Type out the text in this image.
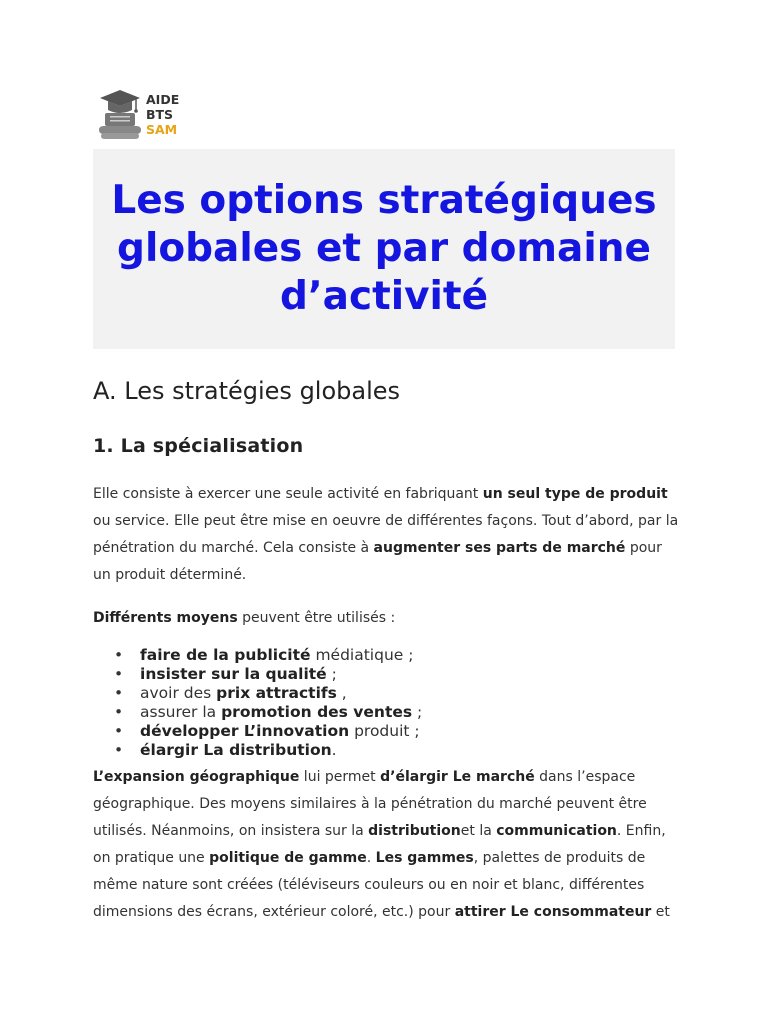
AIDE
BTS
SAM
Les options stratégiques globales et par domaine d’activité
A. Les stratégies globales
1. La spécialisation

Elle consiste à exercer une seule activité en fabriquant un seul type de produit ou service. Elle peut être mise en oeuvre de différentes façons. Tout d’abord, par la pénétration du marché. Cela consiste à augmenter ses parts de marché pour un produit déterminé.

Différents moyens peuvent être utilisés :

• faire de la publicité médiatique ;
• insister sur la qualité ;
• avoir des prix attractifs ,
• assurer la promotion des ventes ;
• développer L’innovation produit ;
• élargir La distribution.

L’expansion géographique lui permet d’élargir Le marché dans l’espace géographique. Des moyens similaires à la pénétration du marché peuvent être utilisés. Néanmoins, on insistera sur la distributionet la communication. Enfin, on pratique une politique de gamme. Les gammes, palettes de produits de même nature sont créées (téléviseurs couleurs ou en noir et blanc, différentes dimensions des écrans, extérieur coloré, etc.) pour attirer Le consommateur et
